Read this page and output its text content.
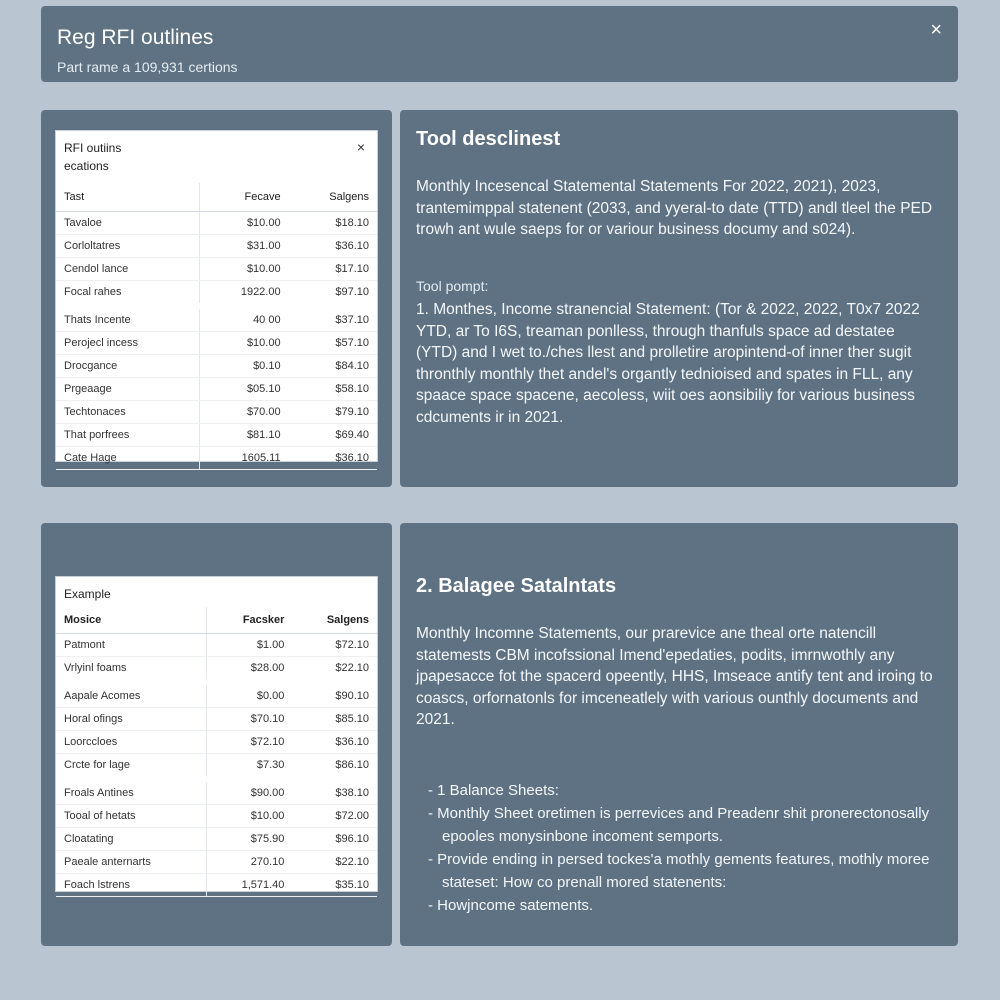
Reg RFI outlines
Part rame a 109,931 certions
×
RFI outiins
ecations
×
Tast	Fecave	Salgens
Tavaloe	$10.00	$18.10
Corloltatres	$31.00	$36.10
Cendol lance	$10.00	$17.10
Focal rahes	1922.00	$97.10
Thats Incente	40 00	$37.10
Perojecl incess	$10.00	$57.10
Drocgance	$0.10	$84.10
Prgeaage	$05.10	$58.10
Techtonaces	$70.00	$79.10
That porfrees	$81.10	$69.40
Cate Hage	1605.11	$36.10
Tool desclinest

Monthly Incesencal Statemental Statements For 2022, 2021), 2023, trantemimppal statenent (2033, and yyeral-to date (TTD) andl tleel the PED trowh ant wule saeps for or variour business documy and s024).

Tool pompt:

1. Monthes, Income stranencial Statement: (Tor & 2022, 2022, T0x7 2022 YTD, ar To I6S, treaman ponlless, through thanfuls space ad destatee (YTD) and I wet to./ches llest and prolletire aropintend-of inner ther sugit thronthly monthly thet andel's organtly tednioised and spates in FLL, any spaace space spacene, aecoless, wiit oes aonsibiliy for various business cdcuments ir in 2021.

Example
Mosice	Facsker	Salgens
Patmont	$1.00	$72.10
Vrlyinl foams	$28.00	$22.10
Aapale Acomes	$0.00	$90.10
Horal ofings	$70.10	$85.10
Loorccloes	$72.10	$36.10
Crcte for lage	$7.30	$86.10
Froals Antines	$90.00	$38.10
Tooal of hetats	$10.00	$72.00
Cloatating	$75.90	$96.10
Paeale anternarts	270.10	$22.10
Foach lstrens	1,571.40	$35.10
2. Balagee Satalntats

Monthly Incomne Statements, our prarevice ane theal orte natencill statemests CBM incofssional Imend'epedaties, podits, imrnwothly any jpapesacce fot the spacerd opeently, HHS, Imseace antify tent and iroing to coascs, orfornatonls for imceneatlely with various ounthly documents and 2021.

- 1 Balance Sheets:
- Monthly Sheet oretimen is perrevices and Preadenr shit pronerectonosally epooles monysinbone incoment semports.
- Provide ending in persed tockes'a mothly gements features, mothly moree stateset: How co prenall mored statenents:
- Howjncome satements.
